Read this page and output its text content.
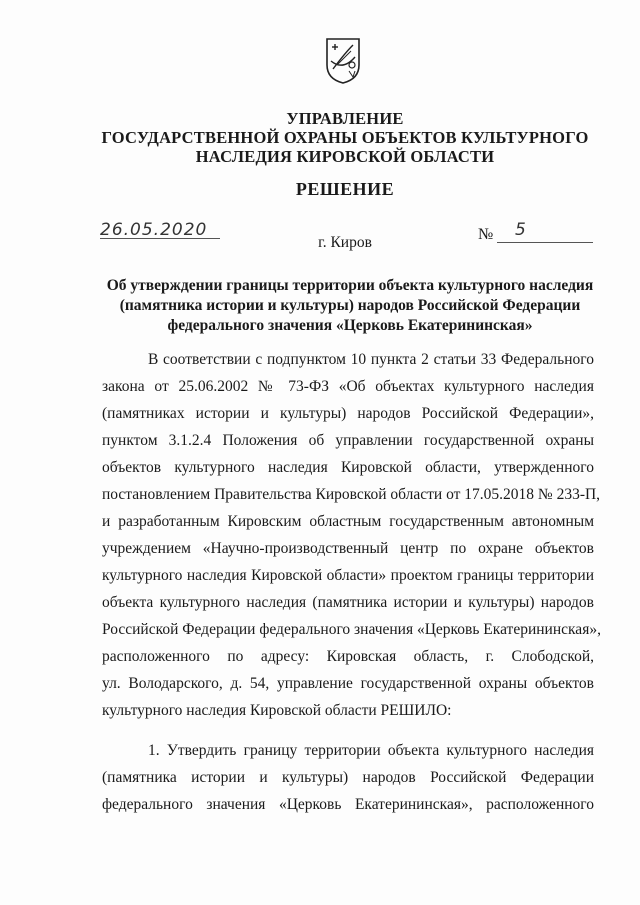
УПРАВЛЕНИЕ
ГОСУДАРСТВЕННОЙ ОХРАНЫ ОБЪЕКТОВ КУЛЬТУРНОГО
НАСЛЕДИЯ КИРОВСКОЙ ОБЛАСТИ
РЕШЕНИЕ
26.05.2020	№ 5
г. Киров
Об утверждении границы территории объекта культурного наследия
(памятника истории и культуры) народов Российской Федерации
федерального значения «Церковь Екатерининская»
В соответствии с подпунктом 10 пункта 2 статьи 33 Федерального
закона от 25.06.2002 № 73-ФЗ «Об объектах культурного наследия
(памятниках истории и культуры) народов Российской Федерации»,
пунктом 3.1.2.4 Положения об управлении государственной охраны
объектов культурного наследия Кировской области, утвержденного
постановлением Правительства Кировской области от 17.05.2018 № 233-П,
и разработанным Кировским областным государственным автономным
учреждением «Научно-производственный центр по охране объектов
культурного наследия Кировской области» проектом границы территории
объекта культурного наследия (памятника истории и культуры) народов
Российской Федерации федерального значения «Церковь Екатерининская»,
расположенного по адресу: Кировская область, г. Слободской,
ул. Володарского, д. 54, управление государственной охраны объектов
культурного наследия Кировской области РЕШИЛО:
1. Утвердить границу территории объекта культурного наследия
(памятника истории и культуры) народов Российской Федерации
федерального значения «Церковь Екатерининская», расположенного
